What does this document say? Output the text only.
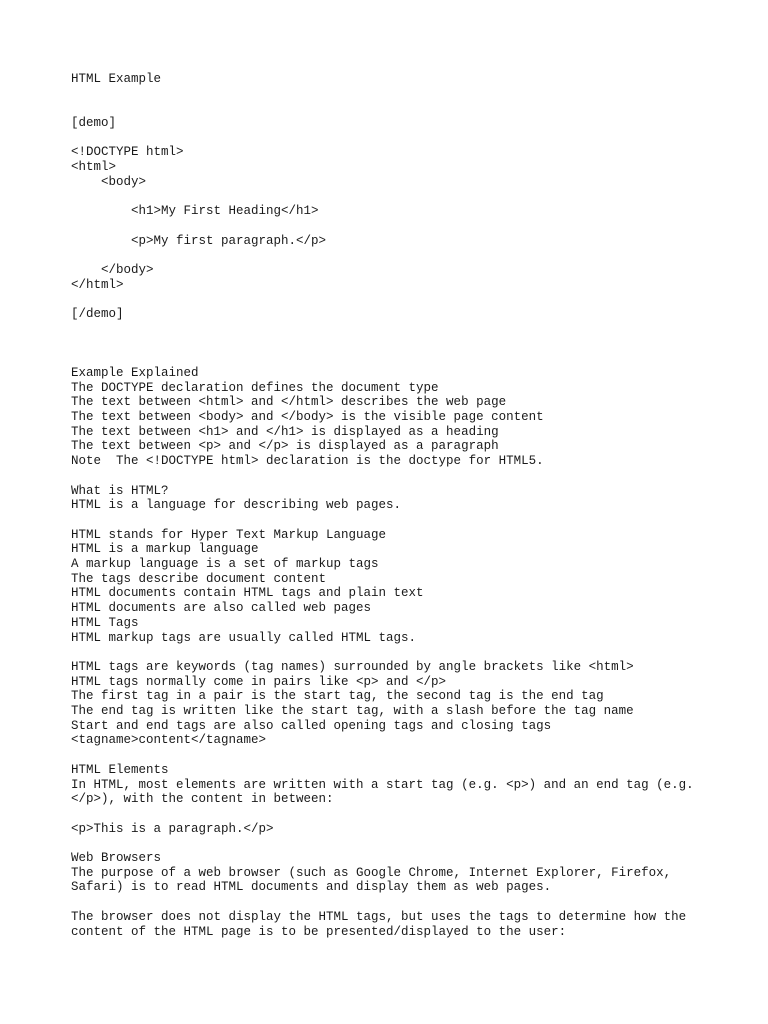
HTML Example
[demo]
<!DOCTYPE html>
<html>
<body>

<h1>My First Heading</h1>

<p>My first paragraph.</p>

</body>
</html>
[/demo]
Example Explained
The DOCTYPE declaration defines the document type
The text between <html> and </html> describes the web page
The text between <body> and </body> is the visible page content
The text between <h1> and </h1> is displayed as a heading
The text between <p> and </p> is displayed as a paragraph
Note  The <!DOCTYPE html> declaration is the doctype for HTML5.
What is HTML?
HTML is a language for describing web pages.
HTML stands for Hyper Text Markup Language
HTML is a markup language
A markup language is a set of markup tags
The tags describe document content
HTML documents contain HTML tags and plain text
HTML documents are also called web pages
HTML Tags
HTML markup tags are usually called HTML tags.
HTML tags are keywords (tag names) surrounded by angle brackets like <html>
HTML tags normally come in pairs like <p> and </p>
The first tag in a pair is the start tag, the second tag is the end tag
The end tag is written like the start tag, with a slash before the tag name
Start and end tags are also called opening tags and closing tags
<tagname>content</tagname>
HTML Elements
In HTML, most elements are written with a start tag (e.g. <p>) and an end tag (e.g.
</p>), with the content in between:
<p>This is a paragraph.</p>
Web Browsers
The purpose of a web browser (such as Google Chrome, Internet Explorer, Firefox,
Safari) is to read HTML documents and display them as web pages.
The browser does not display the HTML tags, but uses the tags to determine how the
content of the HTML page is to be presented/displayed to the user:
